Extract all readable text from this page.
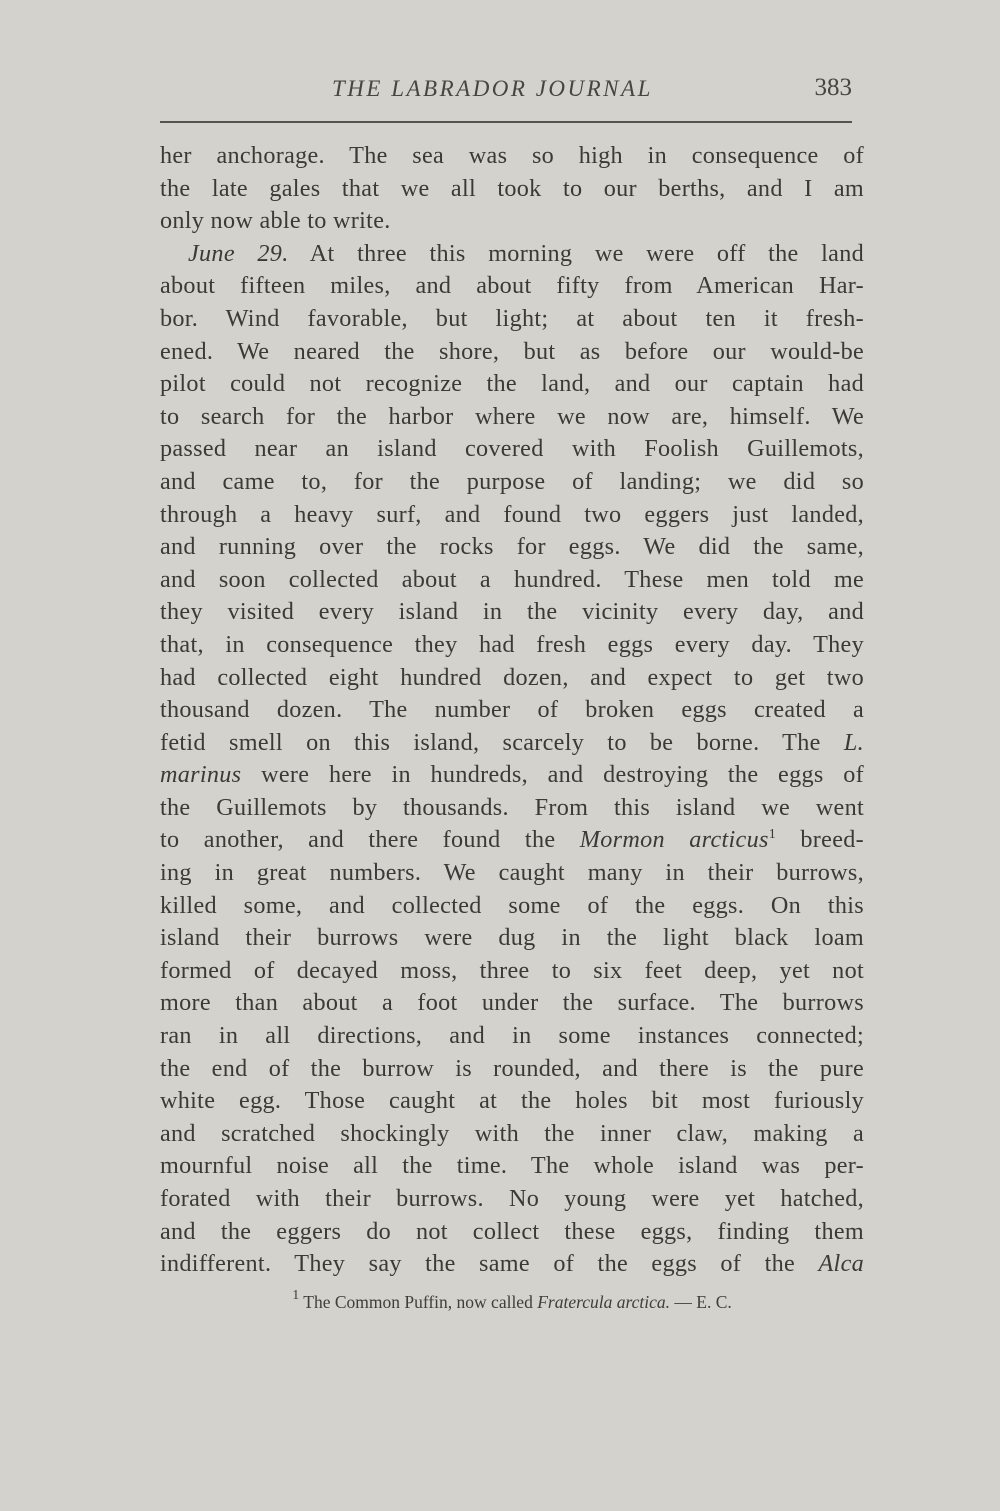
THE LABRADOR JOURNAL	383
her anchorage. The sea was so high in consequence of
the late gales that we all took to our berths, and I am
only now able to write.
June 29. At three this morning we were off the land
about fifteen miles, and about fifty from American Har-
bor. Wind favorable, but light; at about ten it fresh-
ened. We neared the shore, but as before our would-be
pilot could not recognize the land, and our captain had
to search for the harbor where we now are, himself. We
passed near an island covered with Foolish Guillemots,
and came to, for the purpose of landing; we did so
through a heavy surf, and found two eggers just landed,
and running over the rocks for eggs. We did the same,
and soon collected about a hundred. These men told me
they visited every island in the vicinity every day, and
that, in consequence they had fresh eggs every day. They
had collected eight hundred dozen, and expect to get two
thousand dozen. The number of broken eggs created a
fetid smell on this island, scarcely to be borne. The L.
marinus were here in hundreds, and destroying the eggs of
the Guillemots by thousands. From this island we went
to another, and there found the Mormon arcticus$^1$ breed-
ing in great numbers. We caught many in their burrows,
killed some, and collected some of the eggs. On this
island their burrows were dug in the light black loam
formed of decayed moss, three to six feet deep, yet not
more than about a foot under the surface. The burrows
ran in all directions, and in some instances connected;
the end of the burrow is rounded, and there is the pure
white egg. Those caught at the holes bit most furiously
and scratched shockingly with the inner claw, making a
mournful noise all the time. The whole island was per-
forated with their burrows. No young were yet hatched,
and the eggers do not collect these eggs, finding them
indifferent. They say the same of the eggs of the Alca
$^1$ The Common Puffin, now called Fratercula arctica. — E. C.
